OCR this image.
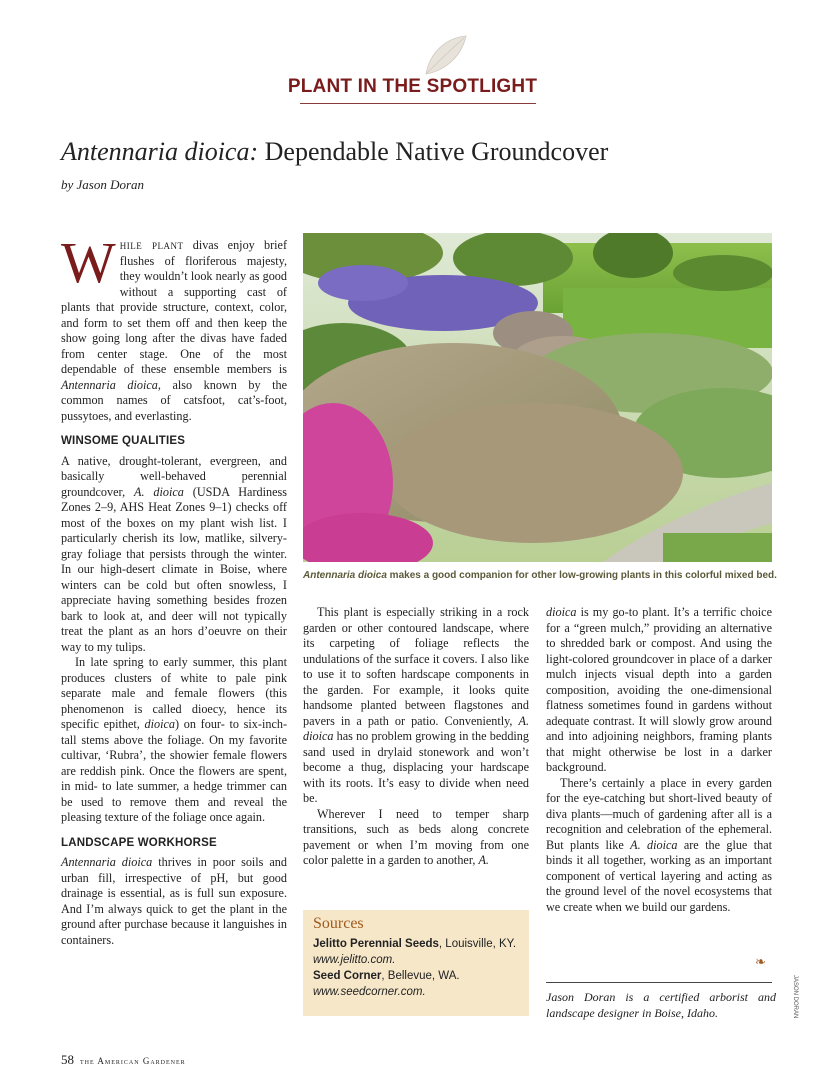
PLANT IN THE SPOTLIGHT
Antennaria dioica: Dependable Native Groundcover
by Jason Doran

While plant divas enjoy brief flushes of floriferous majesty, they wouldn’t look nearly as good without a supporting cast of plants that provide structure, context, color, and form to set them off and then keep the show going long after the divas have faded from center stage. One of the most dependable of these ensemble members is Antennaria dioica, also known by the common names of catsfoot, cat’s-foot, pussytoes, and everlasting.

WINSOME QUALITIES

A native, drought-tolerant, evergreen, and basically well-behaved perennial groundcover, A. dioica (USDA Hardiness Zones 2–9, AHS Heat Zones 9–1) checks off most of the boxes on my plant wish list. I particularly cherish its low, matlike, silvery-gray foliage that persists through the winter. In our high-desert climate in Boise, where winters can be cold but often snowless, I appreciate having something besides frozen bark to look at, and deer will not typically treat the plant as an hors d’oeuvre on their way to my tulips.

In late spring to early summer, this plant produces clusters of white to pale pink separate male and female flowers (this phenomenon is called dioecy, hence its specific epithet, dioica) on four- to six-inch-tall stems above the foliage. On my favorite cultivar, ‘Rubra’, the showier female flowers are reddish pink. Once the flowers are spent, in mid- to late summer, a hedge trimmer can be used to remove them and reveal the pleasing texture of the foliage once again.

LANDSCAPE WORKHORSE

Antennaria dioica thrives in poor soils and urban fill, irrespective of pH, but good drainage is essential, as is full sun exposure. And I’m always quick to get the plant in the ground after purchase because it languishes in containers.

Antennaria dioica makes a good companion for other low-growing plants in this colorful mixed bed.

This plant is especially striking in a rock garden or other contoured landscape, where its carpeting of foliage reflects the undulations of the surface it covers. I also like to use it to soften hardscape components in the garden. For example, it looks quite handsome planted between flagstones and pavers in a path or patio. Conveniently, A. dioica has no problem growing in the bedding sand used in drylaid stonework and won’t become a thug, displacing your hardscape with its roots. It’s easy to divide when need be.

Wherever I need to temper sharp transitions, such as beds along concrete pavement or when I’m moving from one color palette in a garden to another, A.

Sources
Jelitto Perennial Seeds, Louisville, KY. www.jelitto.com.
Seed Corner, Bellevue, WA. www.seedcorner.com.

dioica is my go-to plant. It’s a terrific choice for a “green mulch,” providing an alternative to shredded bark or compost. And using the light-colored groundcover in place of a darker mulch injects visual depth into a garden composition, avoiding the one-dimensional flatness sometimes found in gardens without adequate contrast. It will slowly grow around and into adjoining neighbors, framing plants that might otherwise be lost in a darker background.

There’s certainly a place in every garden for the eye-catching but short-lived beauty of diva plants—much of gardening after all is a recognition and celebration of the ephemeral. But plants like A. dioica are the glue that binds it all together, working as an important component of vertical layering and acting as the ground level of the novel ecosystems that we create when we build our gardens.

❧
Jason Doran is a certified arborist and landscape designer in Boise, Idaho.	JASON DORAN
58 the American Gardener
